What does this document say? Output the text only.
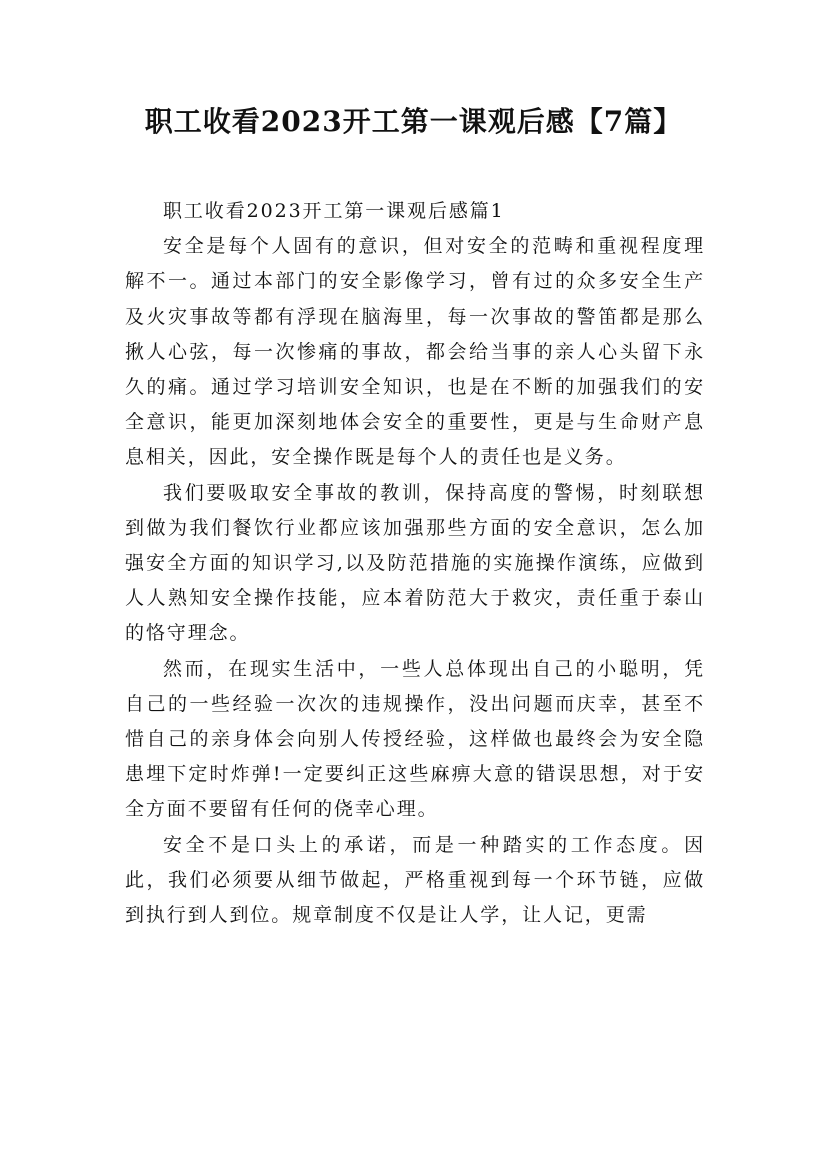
职工收看2023开工第一课观后感【7篇】

职工收看2023开工第一课观后感篇1

安全是每个人固有的意识，但对安全的范畴和重视程度理解不一。通过本部门的安全影像学习，曾有过的众多安全生产及火灾事故等都有浮现在脑海里，每一次事故的警笛都是那么揪人心弦，每一次惨痛的事故，都会给当事的亲人心头留下永久的痛。通过学习培训安全知识，也是在不断的加强我们的安全意识，能更加深刻地体会安全的重要性，更是与生命财产息息相关，因此，安全操作既是每个人的责任也是义务。

我们要吸取安全事故的教训，保持高度的警惕，时刻联想到做为我们餐饮行业都应该加强那些方面的安全意识，怎么加强安全方面的知识学习,以及防范措施的实施操作演练，应做到人人熟知安全操作技能，应本着防范大于救灾，责任重于泰山的恪守理念。

然而，在现实生活中，一些人总体现出自己的小聪明，凭自己的一些经验一次次的违规操作，没出问题而庆幸，甚至不惜自己的亲身体会向别人传授经验，这样做也最终会为安全隐患埋下定时炸弹!一定要纠正这些麻痹大意的错误思想，对于安全方面不要留有任何的侥幸心理。

安全不是口头上的承诺，而是一种踏实的工作态度。因此，我们必须要从细节做起，严格重视到每一个环节链，应做到执行到人到位。规章制度不仅是让人学，让人记，更需
